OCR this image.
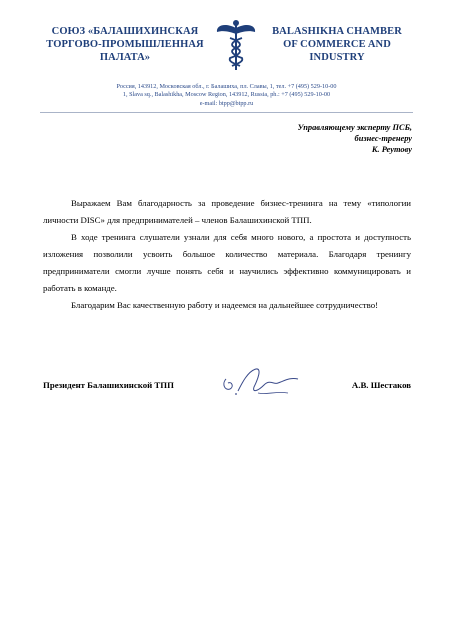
СОЮЗ «БАЛАШИХИНСКАЯ
ТОРГОВО-ПРОМЫШЛЕННАЯ
ПАЛАТА»
BALASHIKHA CHAMBER
OF COMMERCE AND
INDUSTRY
Россия, 143912, Московская обл., г. Балашиха, пл. Славы, 1, тел. +7 (495) 529-10-00
1, Slava sq., Balashikha, Moscow Region, 143912, Russia, ph.: +7 (495) 529-10-00
e-mail: btpp@btpp.ru
Управляющему эксперту ПСБ,
бизнес-тренеру
К. Реутову

Выражаем Вам благодарность за проведение бизнес-тренинга на тему «типологии личности DISC» для предпринимателей – членов Балашихинской ТПП.

В ходе тренинга слушатели узнали для себя много нового, а простота и доступность изложения позволили усвоить большое количество материала. Благодаря тренингу предприниматели смогли лучше понять себя и научились эффективно коммуницировать и работать в команде.

Благодарим Вас качественную работу и надеемся на дальнейшее сотрудничество!

Президент Балашихинской ТПП	А.В. Шестаков
